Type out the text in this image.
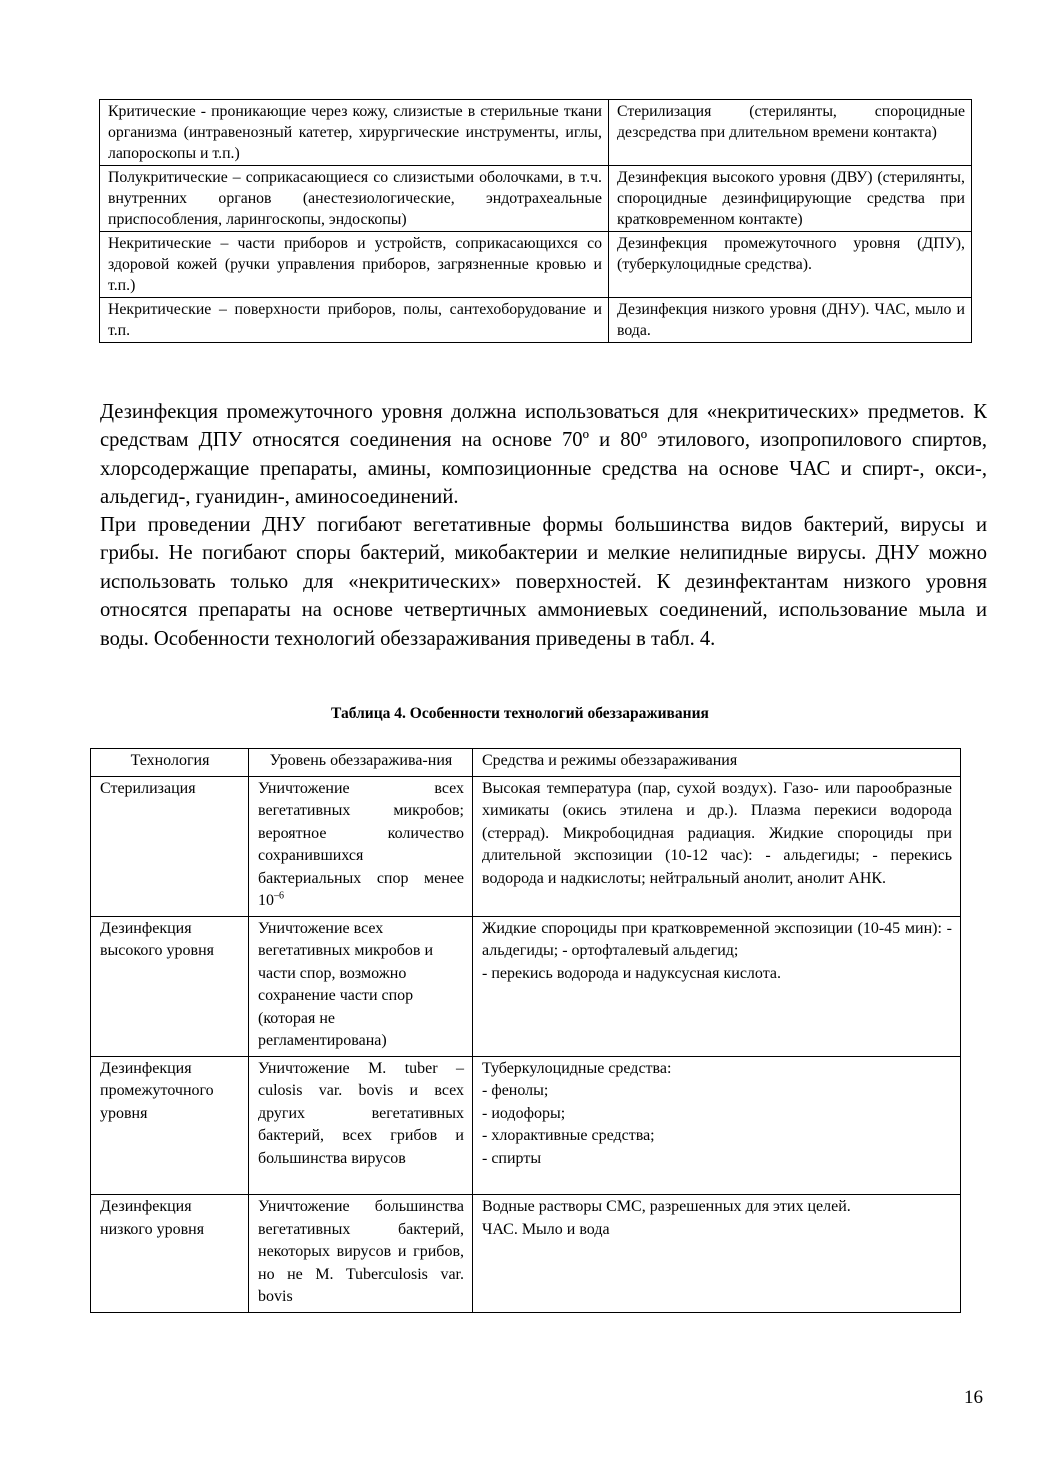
Критические - проникающие через кожу, слизистые в стерильные ткани организма (интравенозный катетер, хирургические инструменты, иглы, лапороскопы и т.п.)	Стерилизация (стерилянты, спороцидные дезсредства при длительном времени контакта)
Полукритические – соприкасающиеся со слизистыми оболочками, в т.ч. внутренних органов (анестезиологические, эндотрахеальные приспособления, ларингоскопы, эндоскопы)	Дезинфекция высокого уровня (ДВУ) (стерилянты, спороцидные дезинфицирующие средства при кратковременном контакте)
Некритические – части приборов и устройств, соприкасающихся со здоровой кожей (ручки управления приборов, загрязненные кровью и т.п.)	Дезинфекция промежуточного уровня (ДПУ), (туберкулоцидные средства).
Некритические – поверхности приборов, полы, сантехоборудование и т.п.	Дезинфекция низкого уровня (ДНУ). ЧАС, мыло и вода.
Дезинфекция промежуточного уровня должна использоваться для «некритических» предметов. К средствам ДПУ относятся соединения на основе 70º и 80º этилового, изопропилового спиртов, хлорсодержащие препараты, амины, композиционные средства на основе ЧАС и спирт-, окси-, альдегид-, гуанидин-, аминосоединений.
При проведении ДНУ погибают вегетативные формы большинства видов бактерий, вирусы и грибы. Не погибают споры бактерий, микобактерии и мелкие нелипидные вирусы. ДНУ можно использовать только для «некритических» поверхностей. К дезинфектантам низкого уровня относятся препараты на основе четвертичных аммониевых соединений, использование мыла и воды. Особенности технологий обеззараживания приведены в табл. 4.
Таблица 4. Особенности технологий обеззараживания
Технология	Уровень обеззаражива-ния	Средства и режимы обеззараживания
Стерилизация	Уничтожение всех вегетативных микробов; вероятное количество сохранившихся бактериальных спор менее $10^{-6}$	Высокая температура (пар, сухой воздух). Газо- или парообразные химикаты (окись этилена и др.). Плазма перекиси водорода (стеррад). Микробоцидная радиация. Жидкие спороциды при длительной экспозиции (10-12 час): - альдегиды; - перекись водорода и надкислоты; нейтральный анолит, анолит АНК.
Дезинфекция высокого уровня	Уничтожение всех вегетативных микробов и части спор, возможно сохранение части спор (которая не регламентирована)	Жидкие спороциды при кратковременной экспозиции (10-45 мин): - альдегиды; - ортофталевый альдегид;
- перекись водорода и надуксусная кислота.

Дезинфекция промежуточного уровня	Уничтожение M. tuber – culosis var. bovis и всех других вегетативных бактерий, всех грибов и большинства вирусов	Туберкулоцидные средства:
- фенолы;
- иодофоры;
- хлорактивные средства;
- спирты

Дезинфекция низкого уровня	Уничтожение большинства вегетативных бактерий, некоторых вирусов и грибов, но не M. Tuberculosis var. bovis	Водные растворы СМС, разрешенных для этих целей.
ЧАС. Мыло и вода
16
